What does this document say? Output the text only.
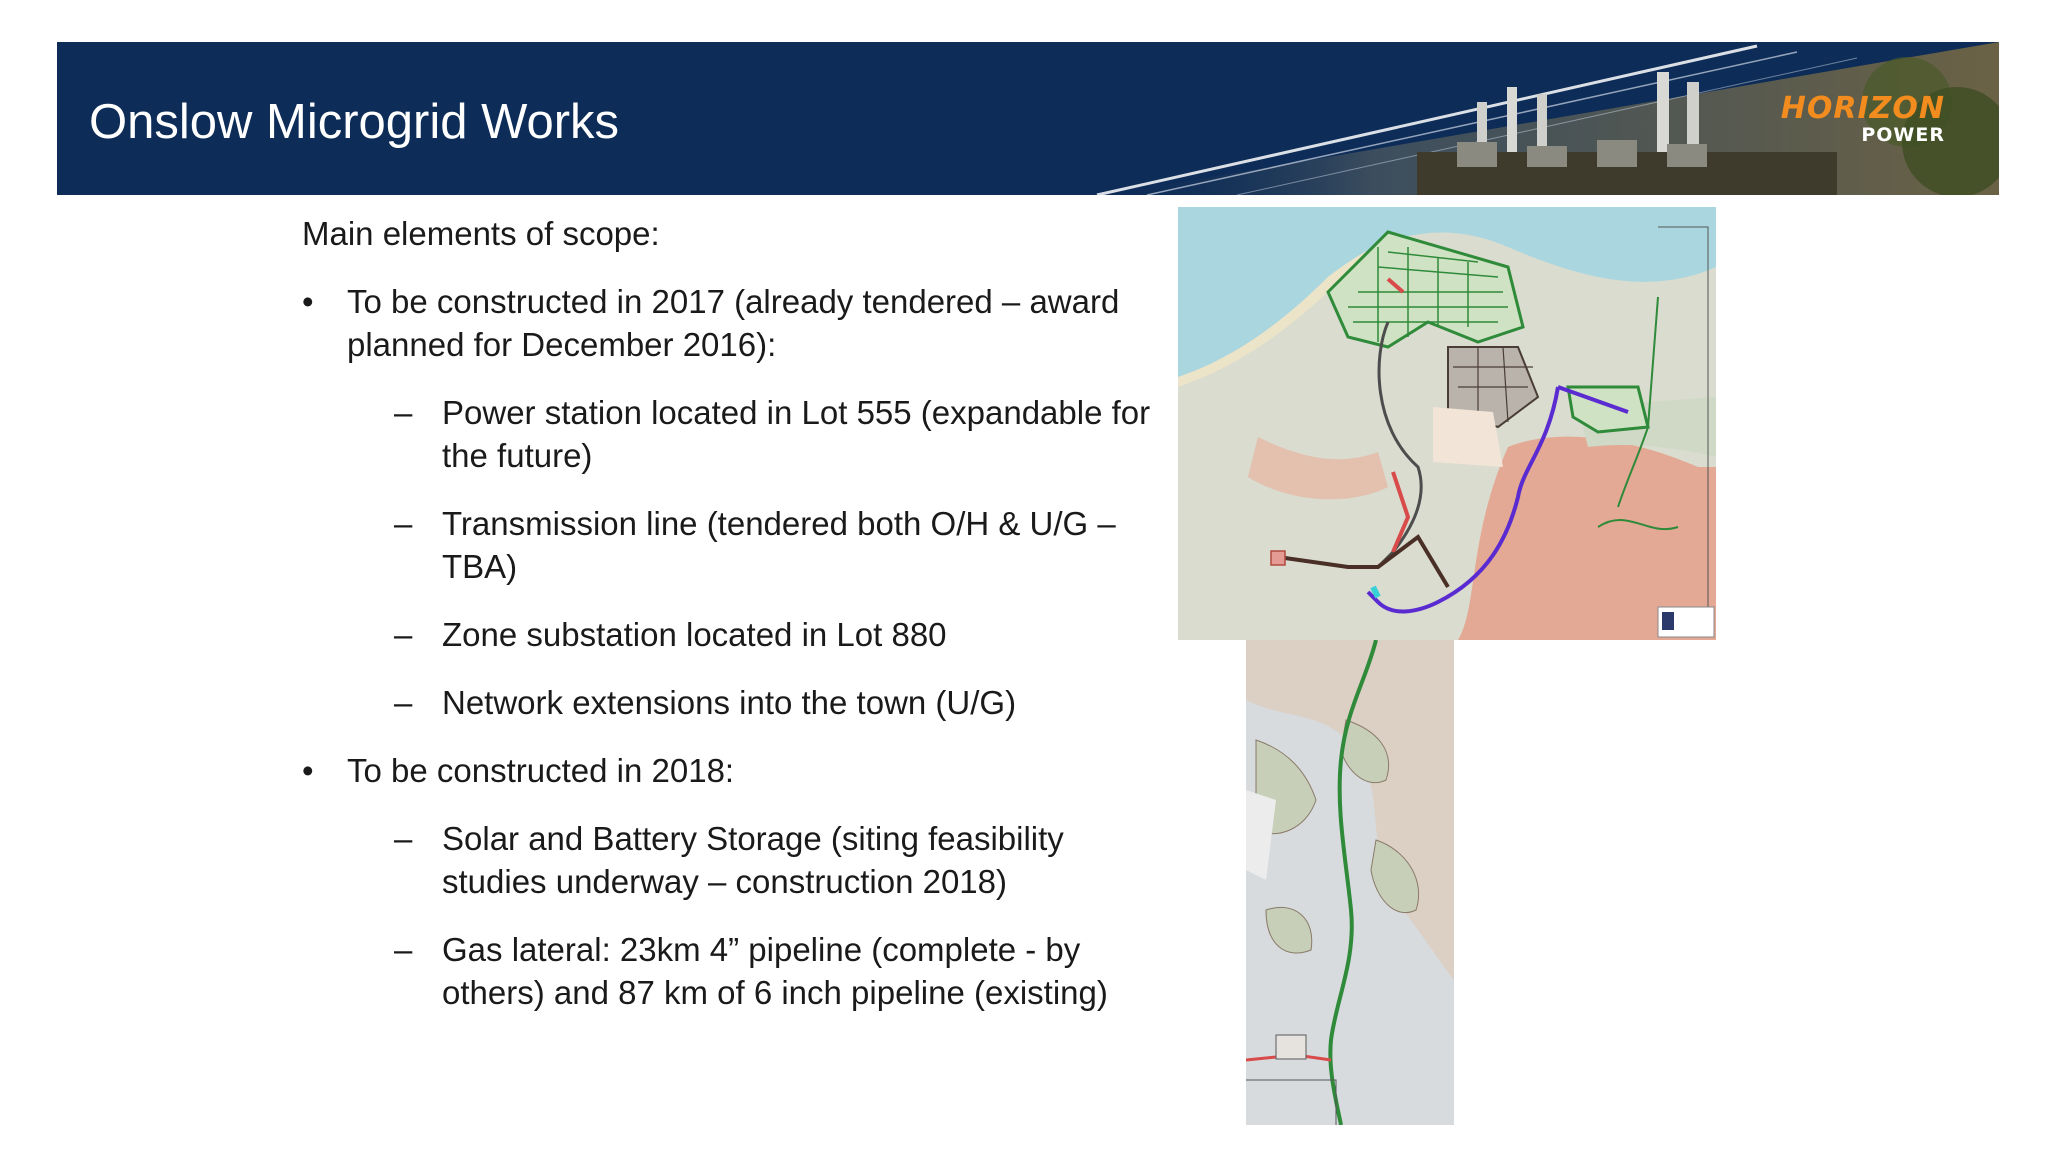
Onslow Microgrid Works	HORIZON
POWER

Main elements of scope:

• To be constructed in 2017 (already tendered – award planned for December 2016):
– Power station located in Lot 555 (expandable for the future)
– Transmission line (tendered both O/H & U/G – TBA)
– Zone substation located in Lot 880
– Network extensions into the town (U/G)
• To be constructed in 2018:
– Solar and Battery Storage (siting feasibility studies underway – construction 2018)
– Gas lateral: 23km 4” pipeline (complete - by others) and 87 km of 6 inch pipeline (existing)
